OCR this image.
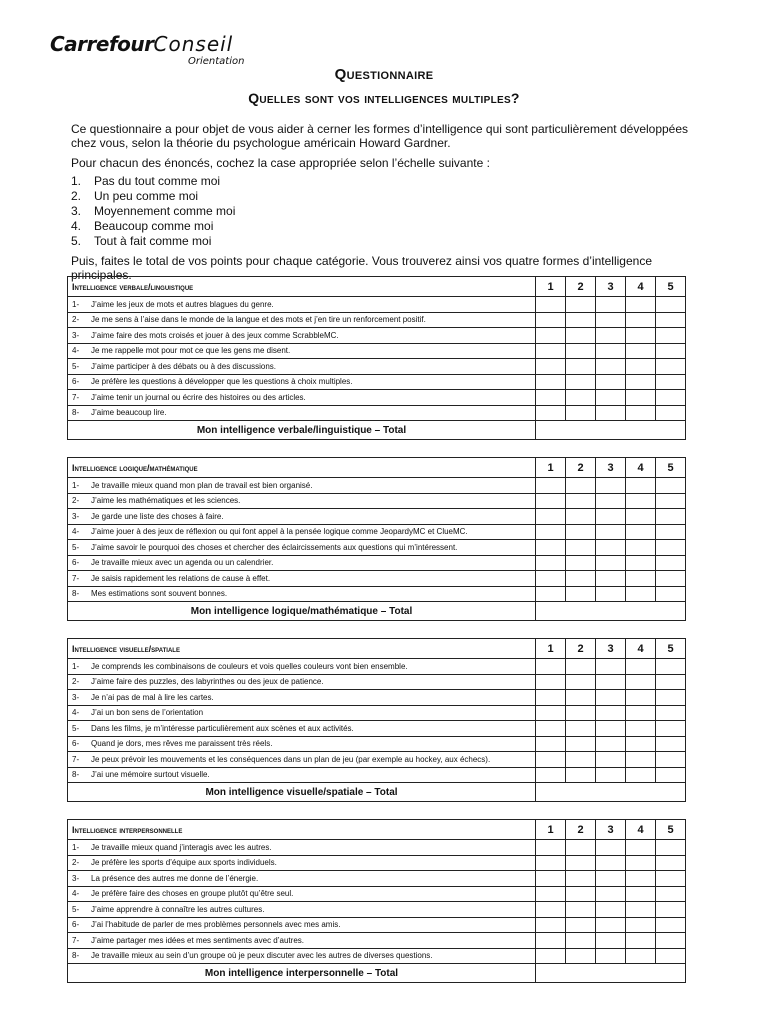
CarrefourConseil
Orientation
Questionnaire
Quelles sont vos intelligences multiples?
Ce questionnaire a pour objet de vous aider à cerner les formes d’intelligence qui sont particulièrement développées chez vous, selon la théorie du psychologue américain Howard Gardner.
Pour chacun des énoncés, cochez la case appropriée selon l’échelle suivante :
1. Pas du tout comme moi
2. Un peu comme moi
3. Moyennement comme moi
4. Beaucoup comme moi
5. Tout à fait comme moi
Puis, faites le total de vos points pour chaque catégorie. Vous trouverez ainsi vos quatre formes d’intelligence principales.
Intelligence verbale/linguistique	1	2	3	4	5
1- J’aime les jeux de mots et autres blagues du genre.					
2- Je me sens à l’aise dans le monde de la langue et des mots et j’en tire un renforcement positif.					
3- J’aime faire des mots croisés et jouer à des jeux comme ScrabbleMC.					
4- Je me rappelle mot pour mot ce que les gens me disent.					
5- J’aime participer à des débats ou à des discussions.					
6- Je préfère les questions à développer que les questions à choix multiples.					
7- J’aime tenir un journal ou écrire des histoires ou des articles.					
8- J’aime beaucoup lire.					
Mon intelligence verbale/linguistique – Total					
Intelligence logique/mathématique	1	2	3	4	5
1- Je travaille mieux quand mon plan de travail est bien organisé.					
2- J’aime les mathématiques et les sciences.					
3- Je garde une liste des choses à faire.					
4- J’aime jouer à des jeux de réflexion ou qui font appel à la pensée logique comme JeopardyMC et ClueMC.					
5- J’aime savoir le pourquoi des choses et chercher des éclaircissements aux questions qui m’intéressent.					
6- Je travaille mieux avec un agenda ou un calendrier.					
7- Je saisis rapidement les relations de cause à effet.					
8- Mes estimations sont souvent bonnes.					
Mon intelligence logique/mathématique – Total					
Intelligence visuelle/spatiale	1	2	3	4	5
1- Je comprends les combinaisons de couleurs et vois quelles couleurs vont bien ensemble.					
2- J’aime faire des puzzles, des labyrinthes ou des jeux de patience.					
3- Je n’ai pas de mal à lire les cartes.					
4- J’ai un bon sens de l’orientation					
5- Dans les films, je m’intéresse particulièrement aux scènes et aux activités.					
6- Quand je dors, mes rêves me paraissent très réels.					
7- Je peux prévoir les mouvements et les conséquences dans un plan de jeu (par exemple au hockey, aux échecs).					
8- J’ai une mémoire surtout visuelle.					
Mon intelligence visuelle/spatiale – Total					
Intelligence interpersonnelle	1	2	3	4	5
1- Je travaille mieux quand j’interagis avec les autres.					
2- Je préfère les sports d’équipe aux sports individuels.					
3- La présence des autres me donne de l’énergie.					
4- Je préfère faire des choses en groupe plutôt qu’être seul.					
5- J’aime apprendre à connaître les autres cultures.					
6- J’ai l’habitude de parler de mes problèmes personnels avec mes amis.					
7- J’aime partager mes idées et mes sentiments avec d’autres.					
8- Je travaille mieux au sein d’un groupe où je peux discuter avec les autres de diverses questions.					
Mon intelligence interpersonnelle – Total					
